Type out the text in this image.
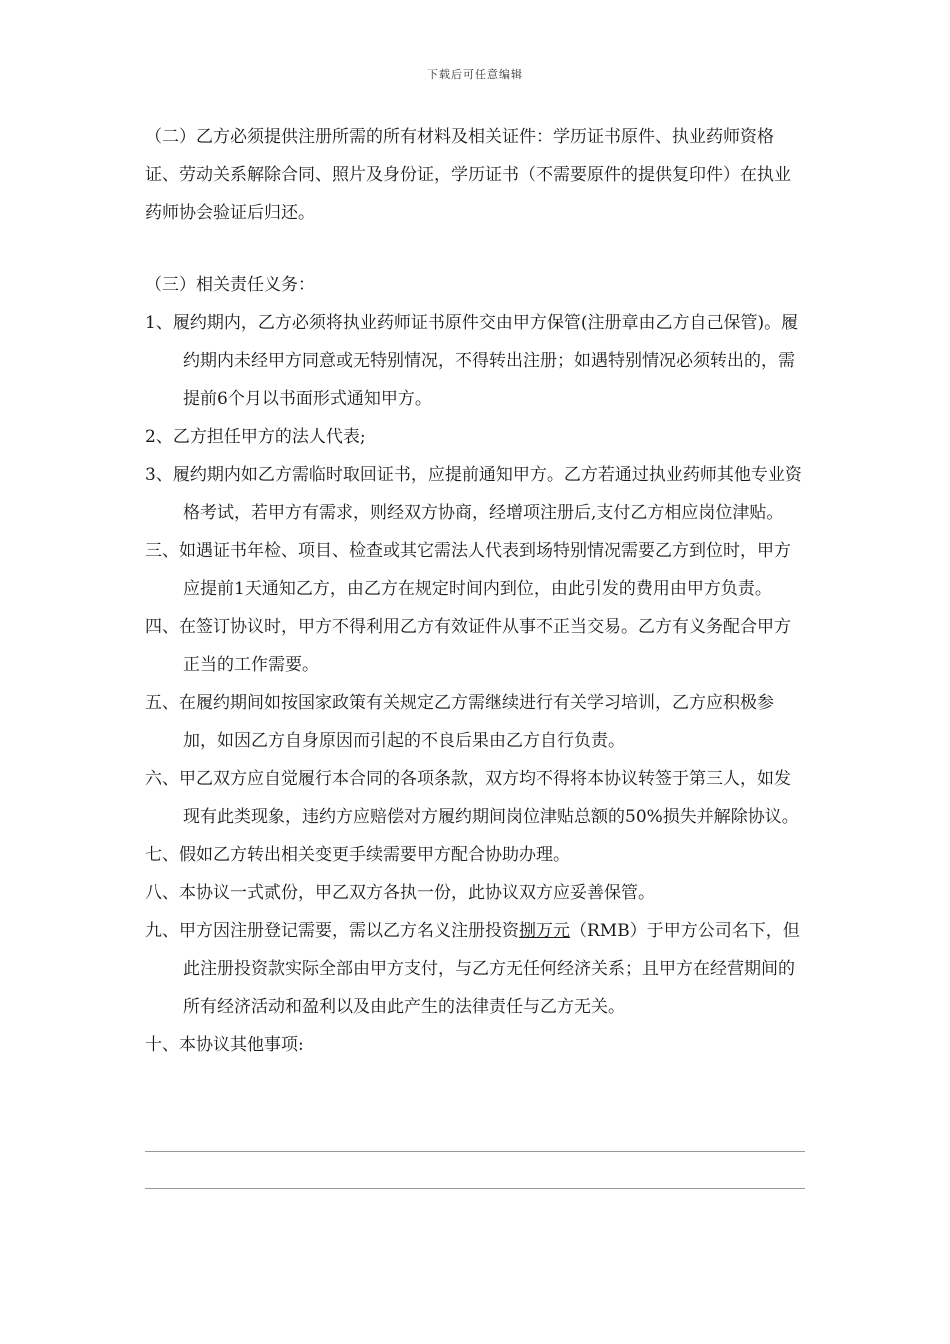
下载后可任意编辑

（二）乙方必须提供注册所需的所有材料及相关证件：学历证书原件、执业药师资格证、劳动关系解除合同、照片及身份证，学历证书（不需要原件的提供复印件）在执业药师协会验证后归还。

（三）相关责任义务：

1、履约期内，乙方必须将执业药师证书原件交由甲方保管(注册章由乙方自己保管)。履约期内未经甲方同意或无特别情况，不得转出注册；如遇特别情况必须转出的，需提前6个月以书面形式通知甲方。

2、乙方担任甲方的法人代表;

3、履约期内如乙方需临时取回证书，应提前通知甲方。乙方若通过执业药师其他专业资格考试，若甲方有需求，则经双方协商，经增项注册后,支付乙方相应岗位津贴。

三、如遇证书年检、项目、检查或其它需法人代表到场特别情况需要乙方到位时，甲方应提前1天通知乙方，由乙方在规定时间内到位，由此引发的费用由甲方负责。

四、在签订协议时，甲方不得利用乙方有效证件从事不正当交易。乙方有义务配合甲方正当的工作需要。

五、在履约期间如按国家政策有关规定乙方需继续进行有关学习培训，乙方应积极参加，如因乙方自身原因而引起的不良后果由乙方自行负责。

六、甲乙双方应自觉履行本合同的各项条款，双方均不得将本协议转签于第三人，如发现有此类现象，违约方应赔偿对方履约期间岗位津贴总额的50%损失并解除协议。

七、假如乙方转出相关变更手续需要甲方配合协助办理。

八、本协议一式贰份，甲乙双方各执一份，此协议双方应妥善保管。

九、甲方因注册登记需要，需以乙方名义注册投资捌万元（RMB）于甲方公司名下，但此注册投资款实际全部由甲方支付，与乙方无任何经济关系；且甲方在经营期间的所有经济活动和盈利以及由此产生的法律责任与乙方无关。

十、本协议其他事项:
